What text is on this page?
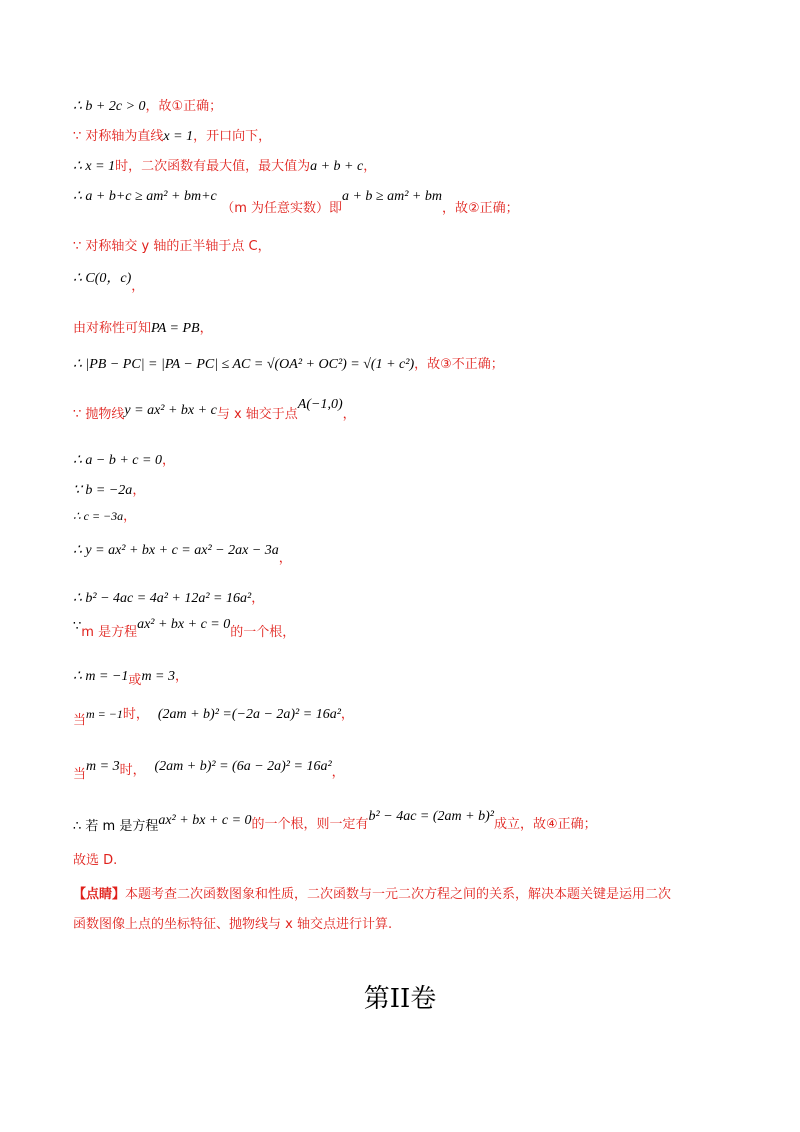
∴ b + 2c > 0，故①正确；
∵ 对称轴为直线x = 1，开口向下，
∴ x = 1时，二次函数有最大值，最大值为a + b + c，
∴ a + b+c ≥ am² + bm+c （m 为任意实数）即a + b ≥ am² + bm，故②正确；
∵ 对称轴交 y 轴的正半轴于点 C，
∴ C(0，c)，
由对称性可知PA = PB，
∴ |PB − PC| = |PA − PC| ≤ AC = √(OA² + OC²) = √(1 + c²)，故③不正确；
∵ 抛物线y = ax² + bx + c与 x 轴交于点A(−1,0)，
∴ a − b + c = 0，
∵ b = −2a，
∴ c = −3a，
∴ y = ax² + bx + c = ax² − 2ax − 3a，
∴ b² − 4ac = 4a² + 12a² = 16a²，
∵m 是方程ax² + bx + c = 0的一个根，
∴ m = −1或m = 3，
当m = −1时， (2am + b)² =(−2a − 2a)² = 16a²，
当m = 3时， (2am + b)² = (6a − 2a)² = 16a²，
∴ 若 m 是方程ax² + bx + c = 0的一个根，则一定有b² − 4ac = (2am + b)²成立，故④正确；
故选 D.
【点睛】本题考查二次函数图象和性质，二次函数与一元二次方程之间的关系，解决本题关键是运用二次
函数图像上点的坐标特征、抛物线与 x 轴交点进行计算.
第II卷
